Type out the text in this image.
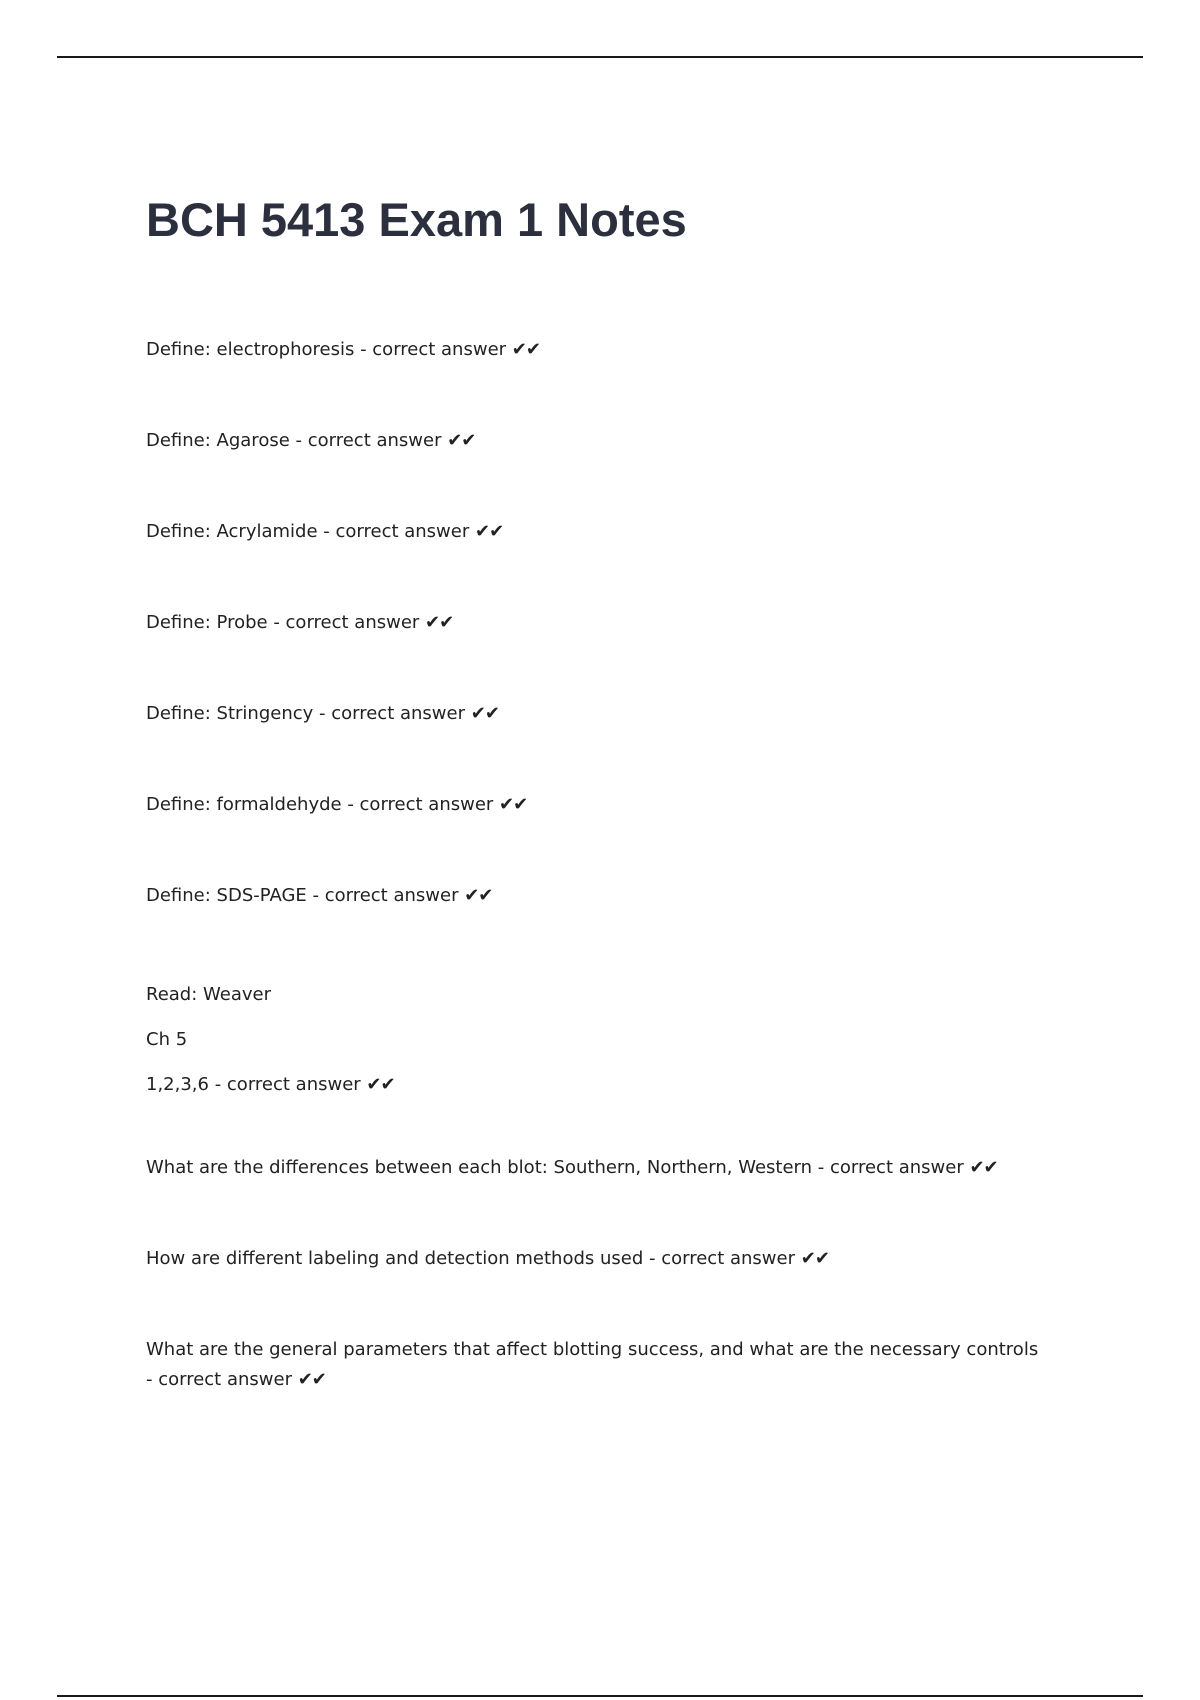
BCH 5413 Exam 1 Notes

Define: electrophoresis - correct answer ✔✔

Define: Agarose - correct answer ✔✔

Define: Acrylamide - correct answer ✔✔

Define: Probe - correct answer ✔✔

Define: Stringency - correct answer ✔✔

Define: formaldehyde - correct answer ✔✔

Define: SDS-PAGE - correct answer ✔✔

Read: Weaver
Ch 5
1,2,3,6 - correct answer ✔✔

What are the differences between each blot: Southern, Northern, Western - correct answer ✔✔

How are different labeling and detection methods used - correct answer ✔✔

What are the general parameters that affect blotting success, and what are the necessary controls - correct answer ✔✔
